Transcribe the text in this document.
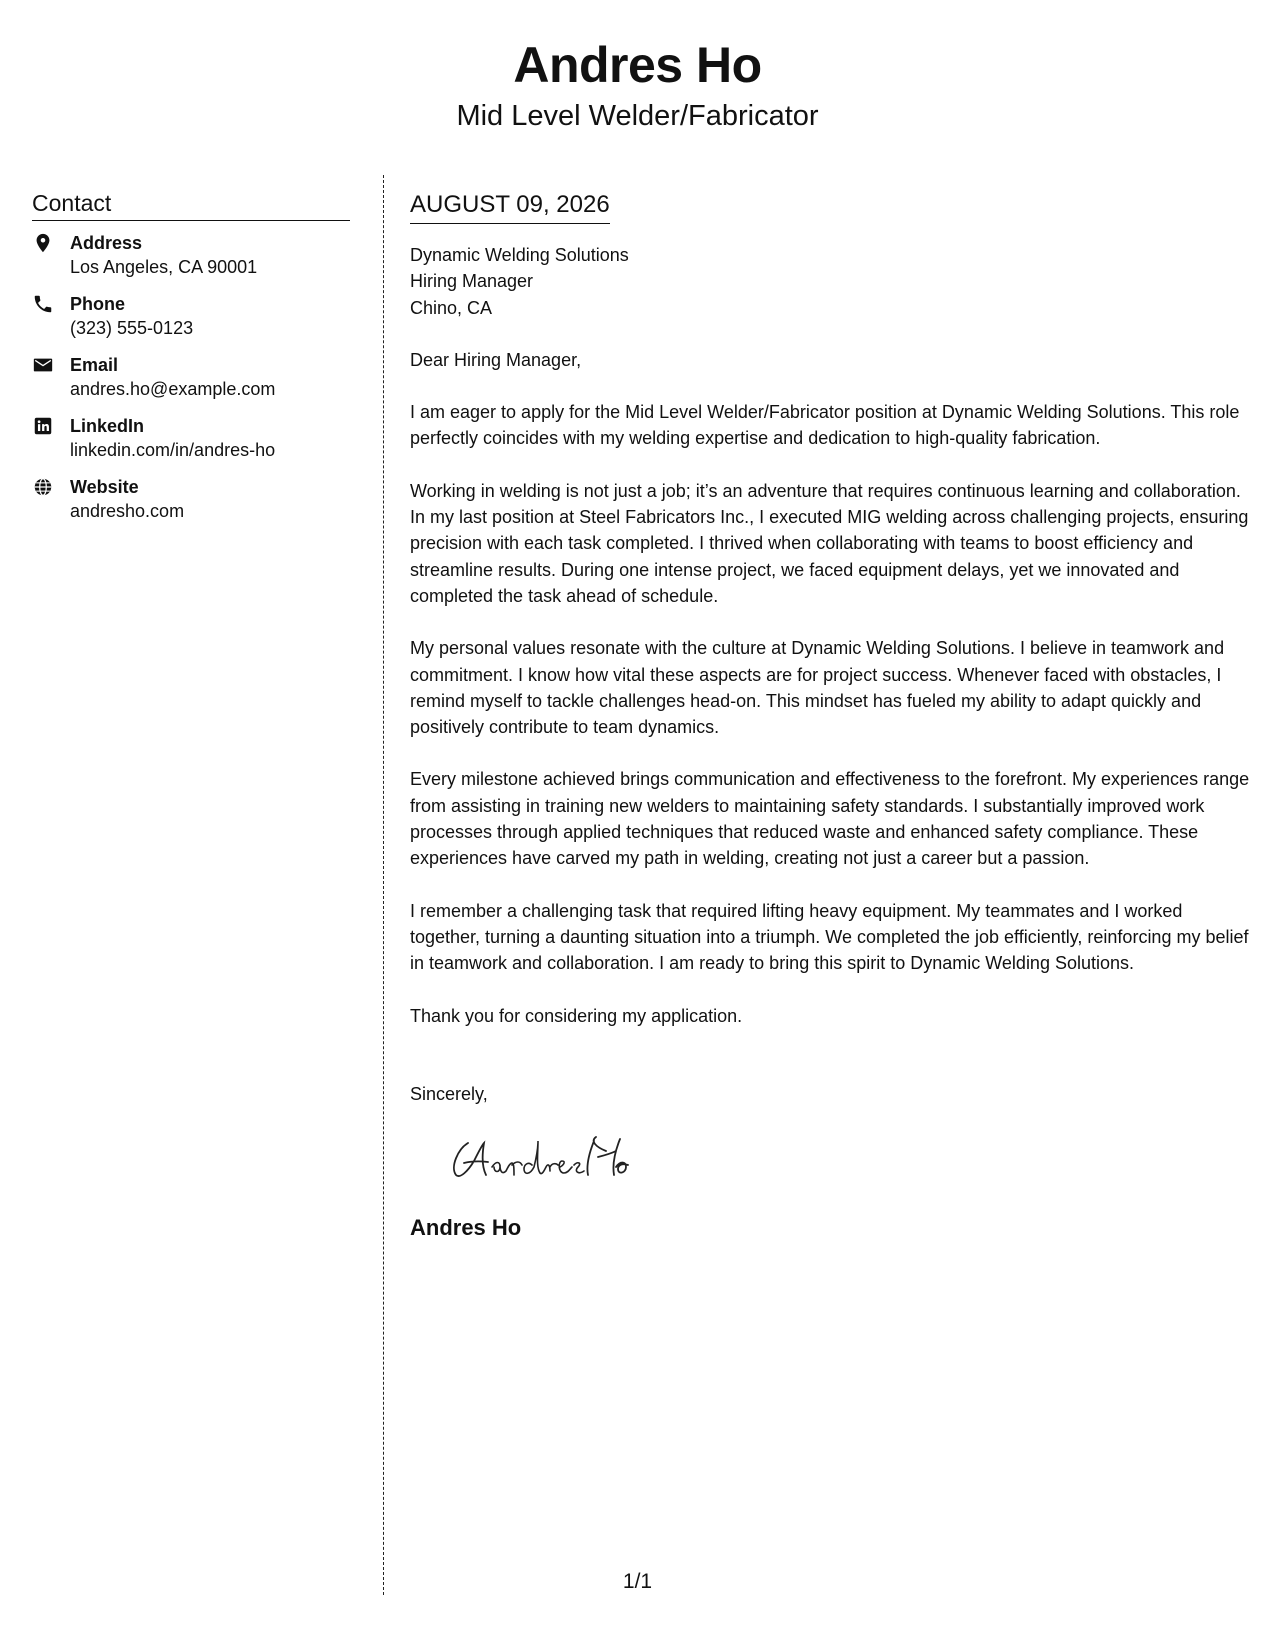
Andres Ho
Mid Level Welder/Fabricator
Contact
Address
Los Angeles, CA 90001
Phone
(323) 555-0123
Email
andres.ho@example.com
LinkedIn
linkedin.com/in/andres-ho
Website
andresho.com
AUGUST 09, 2026
Dynamic Welding Solutions
Hiring Manager
Chino, CA

Dear Hiring Manager,

I am eager to apply for the Mid Level Welder/Fabricator position at Dynamic Welding Solutions. This role perfectly coincides with my welding expertise and dedication to high-quality fabrication.

Working in welding is not just a job; it’s an adventure that requires continuous learning and collaboration. In my last position at Steel Fabricators Inc., I executed MIG welding across challenging projects, ensuring precision with each task completed. I thrived when collaborating with teams to boost efficiency and streamline results. During one intense project, we faced equipment delays, yet we innovated and completed the task ahead of schedule.

My personal values resonate with the culture at Dynamic Welding Solutions. I believe in teamwork and commitment. I know how vital these aspects are for project success. Whenever faced with obstacles, I remind myself to tackle challenges head-on. This mindset has fueled my ability to adapt quickly and positively contribute to team dynamics.

Every milestone achieved brings communication and effectiveness to the forefront. My experiences range from assisting in training new welders to maintaining safety standards. I substantially improved work processes through applied techniques that reduced waste and enhanced safety compliance. These experiences have carved my path in welding, creating not just a career but a passion.

I remember a challenging task that required lifting heavy equipment. My teammates and I worked together, turning a daunting situation into a triumph. We completed the job efficiently, reinforcing my belief in teamwork and collaboration. I am ready to bring this spirit to Dynamic Welding Solutions.

Thank you for considering my application.

Sincerely,
Andres Ho
1/1
